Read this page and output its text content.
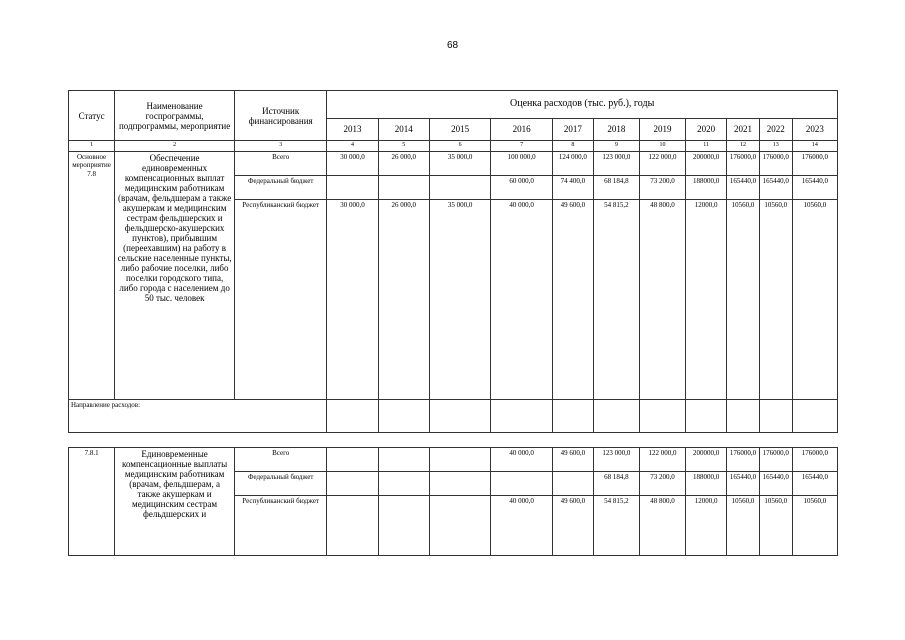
68
Статус	Наименование госпрограммы, подпрограммы, мероприятие	Источник финансирования	Оценка расходов (тыс. руб.), годы										
			2013	2014	2015	2016	2017	2018	2019	2020	2021	2022	2023
1	2	3	4	5	6	7	8	9	10	11	12	13	14
Основное мероприятие 7.8	Обеспечение единовременных компенсационных выплат медицинским работникам (врачам, фельдшерам а также акушеркам и медицинским сестрам фельдшерских и фельдшерско-акушерских пунктов), прибывшим (переехавшим) на работу в сельские населенные пункты, либо рабочие поселки, либо поселки городского типа, либо города с населением до 50 тыс. человек	Всего	30 000,0	26 000,0	35 000,0	100 000,0	124 000,0	123 000,0	122 000,0	200000,0	176000,0	176000,0	176000,0
		Федеральный бюджет				60 000,0	74 400,0	68 184,8	73 200,0	188000,0	165440,0	165440,0	165440,0
		Республиканский бюджет	30 000,0	26 000,0	35 000,0	40 000,0	49 600,0	54 815,2	48 800,0	12000,0	10560,0	10560,0	10560,0
Направление расходов:													

7.8.1	Единовременные компенсационные выплаты медицинским работникам (врачам, фельдшерам, а также акушеркам и медицинским сестрам фельдшерских и	Всего				40 000,0	49 600,0	123 000,0	122 000,0	200000,0	176000,0	176000,0	176000,0
		Федеральный бюджет						68 184,8	73 200,0	188000,0	165440,0	165440,0	165440,0
		Республиканский бюджет				40 000,0	49 600,0	54 815,2	48 800,0	12000,0	10560,0	10560,0	10560,0
